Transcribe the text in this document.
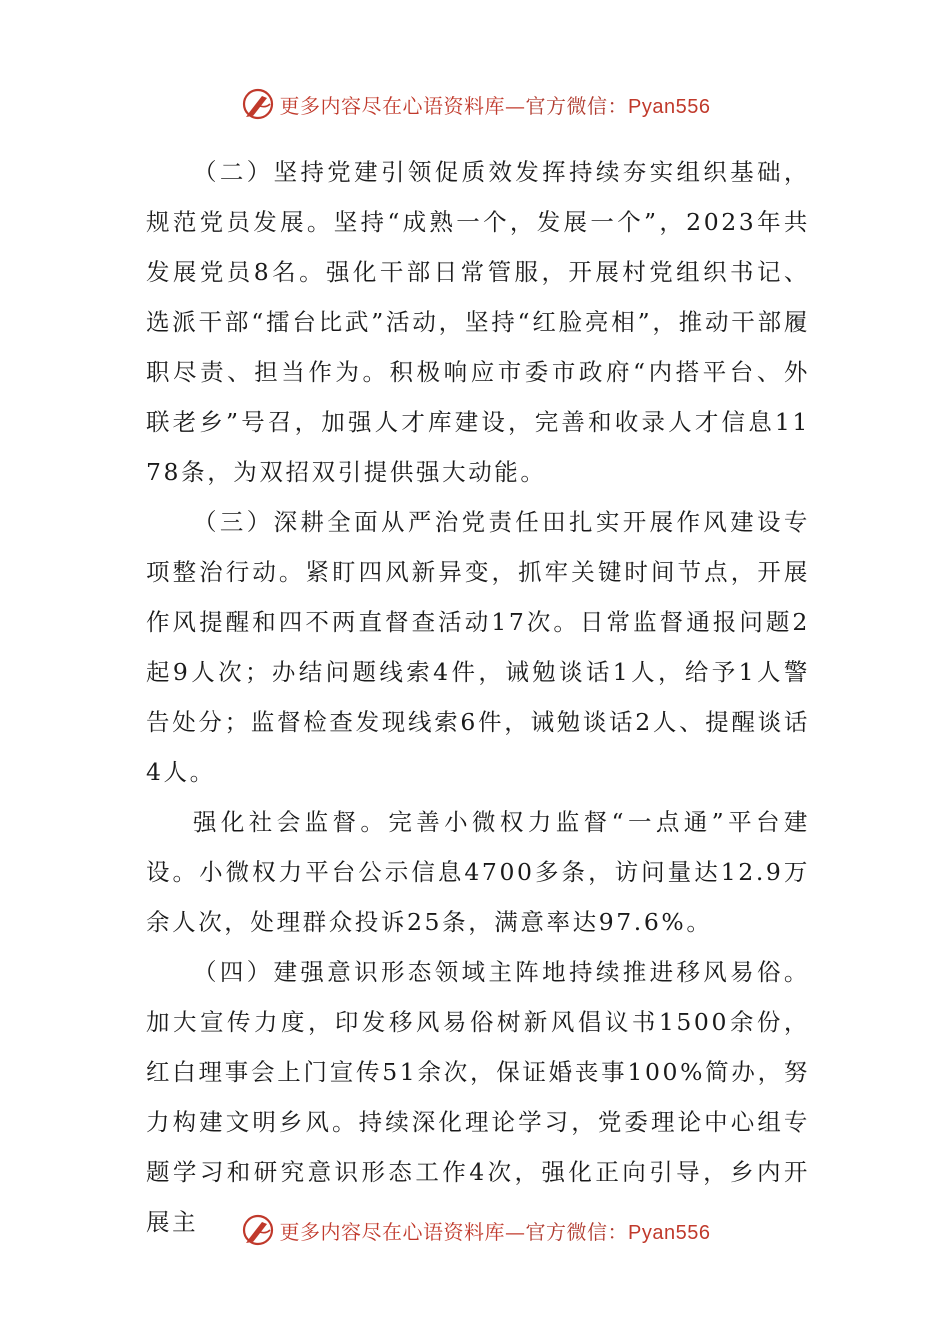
更多内容尽在心语资料库—官方微信：Pyan556

（二）坚持党建引领促质效发挥持续夯实组织基础，规范党员发展。坚持“成熟一个，发展一个”，2023年共发展党员8名。强化干部日常管服，开展村党组织书记、选派干部“擂台比武”活动，坚持“红脸亮相”，推动干部履职尽责、担当作为。积极响应市委市政府“内搭平台、外联老乡”号召，加强人才库建设，完善和收录人才信息1178条，为双招双引提供强大动能。

（三）深耕全面从严治党责任田扎实开展作风建设专项整治行动。紧盯四风新异变，抓牢关键时间节点，开展作风提醒和四不两直督查活动17次。日常监督通报问题2起9人次；办结问题线索4件，诫勉谈话1人，给予1人警告处分；监督检查发现线索6件，诫勉谈话2人、提醒谈话4人。

强化社会监督。完善小微权力监督“一点通”平台建设。小微权力平台公示信息4700多条，访问量达12.9万余人次，处理群众投诉25条，满意率达97.6%。

（四）建强意识形态领域主阵地持续推进移风易俗。加大宣传力度，印发移风易俗树新风倡议书1500余份，红白理事会上门宣传51余次，保证婚丧事100%简办，努力构建文明乡风。持续深化理论学习，党委理论中心组专题学习和研究意识形态工作4次，强化正向引导，乡内开展主	更多内容尽在心语资料库—官方微信：Pyan556
